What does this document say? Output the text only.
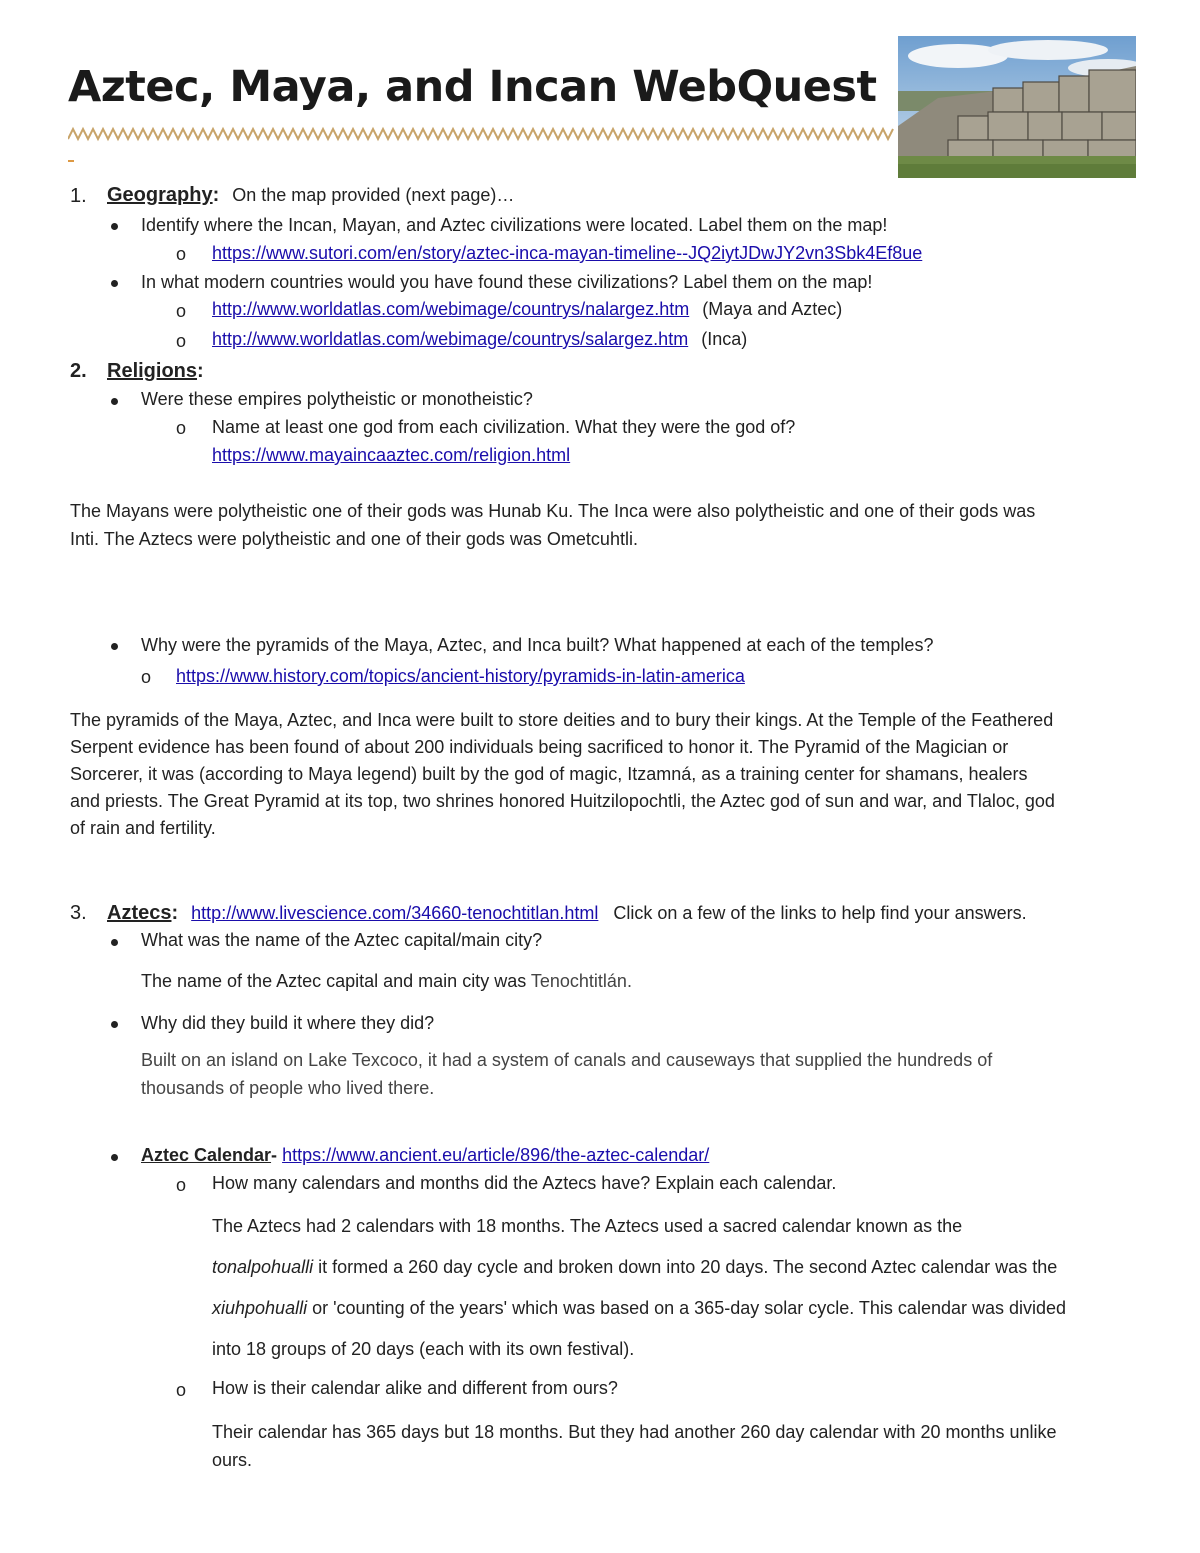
Aztec, Maya, and Incan WebQuest
1. Geography: On the map provided (next page)…
Identify where the Incan, Mayan, and Aztec civilizations were located. Label them on the map!
o https://www.sutori.com/en/story/aztec-inca-mayan-timeline--JQ2iytJDwJY2vn3Sbk4Ef8ue
In what modern countries would you have found these civilizations? Label them on the map!
o http://www.worldatlas.com/webimage/countrys/nalargez.htm (Maya and Aztec)
o http://www.worldatlas.com/webimage/countrys/salargez.htm (Inca)
2. Religions:
Were these empires polytheistic or monotheistic?
o Name at least one god from each civilization. What they were the god of?
https://www.mayaincaaztec.com/religion.html
The Mayans were polytheistic one of their gods was Hunab Ku. The Inca were also polytheistic and one of their gods was
Inti. The Aztecs were polytheistic and one of their gods was Ometcuhtli.
Why were the pyramids of the Maya, Aztec, and Inca built? What happened at each of the temples?
o https://www.history.com/topics/ancient-history/pyramids-in-latin-america
The pyramids of the Maya, Aztec, and Inca were built to store deities and to bury their kings. At the Temple of the Feathered
Serpent evidence has been found of about 200 individuals being sacrificed to honor it. The Pyramid of the Magician or
Sorcerer, it was (according to Maya legend) built by the god of magic, Itzamná, as a training center for shamans, healers
and priests. The Great Pyramid at its top, two shrines honored Huitzilopochtli, the Aztec god of sun and war, and Tlaloc, god
of rain and fertility.
3. Aztecs: http://www.livescience.com/34660-tenochtitlan.html Click on a few of the links to help find your answers.
What was the name of the Aztec capital/main city?
The name of the Aztec capital and main city was Tenochtitlán.
Why did they build it where they did?
Built on an island on Lake Texcoco, it had a system of canals and causeways that supplied the hundreds of
thousands of people who lived there.
Aztec Calendar- https://www.ancient.eu/article/896/the-aztec-calendar/
o How many calendars and months did the Aztecs have? Explain each calendar.
The Aztecs had 2 calendars with 18 months. The Aztecs used a sacred calendar known as the
tonalpohualli it formed a 260 day cycle and broken down into 20 days. The second Aztec calendar was the
xiuhpohualli or 'counting of the years' which was based on a 365-day solar cycle. This calendar was divided
into 18 groups of 20 days (each with its own festival).
o How is their calendar alike and different from ours?
Their calendar has 365 days but 18 months. But they had another 260 day calendar with 20 months unlike
ours.
